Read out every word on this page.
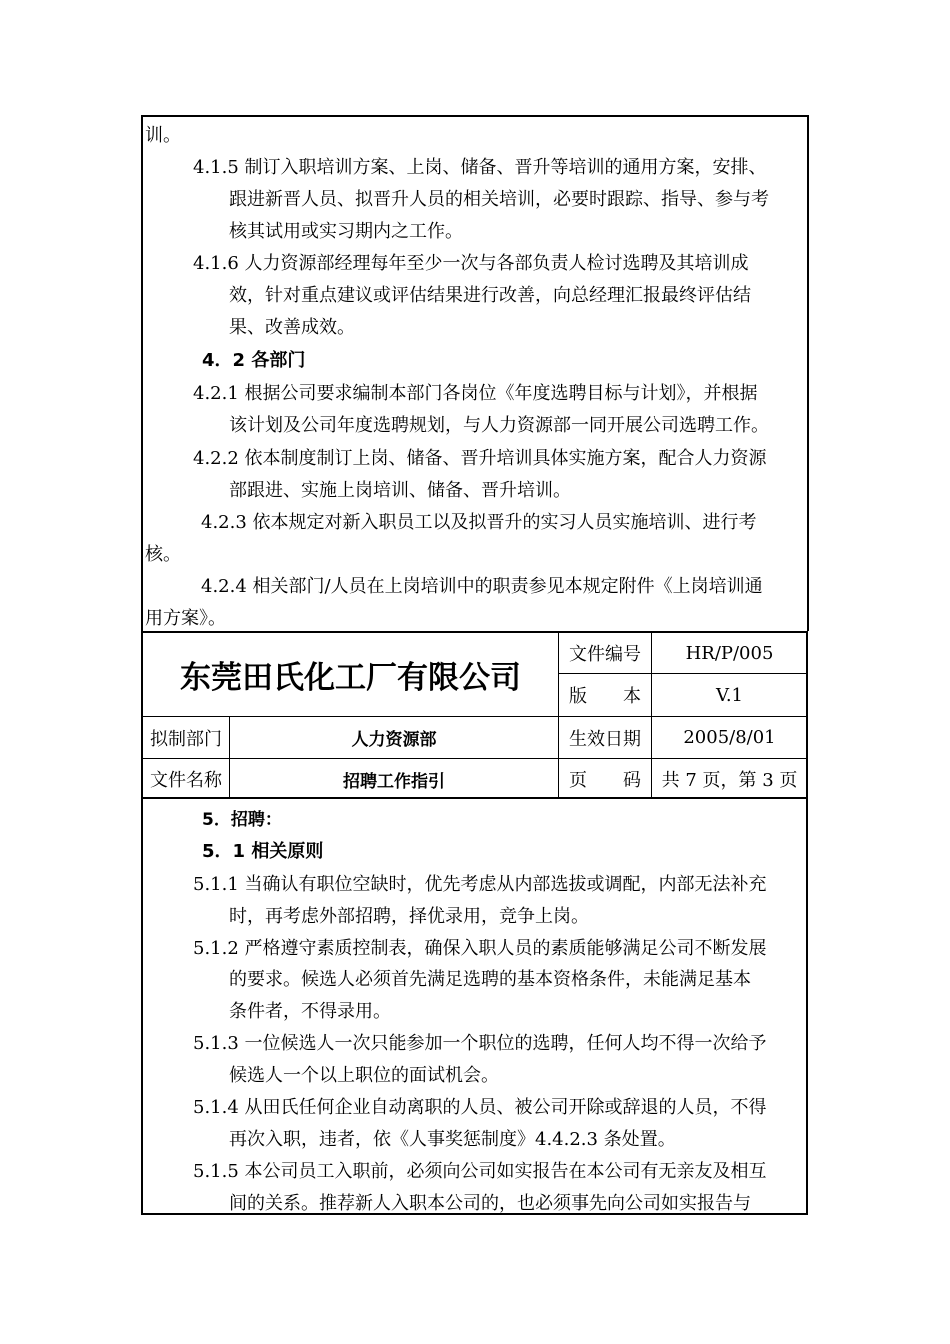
训。
4.1.5 制订入职培训方案、上岗、储备、晋升等培训的通用方案，安排、
跟进新晋人员、拟晋升人员的相关培训，必要时跟踪、指导、参与考
核其试用或实习期内之工作。
4.1.6 人力资源部经理每年至少一次与各部负责人检讨选聘及其培训成
效，针对重点建议或评估结果进行改善，向总经理汇报最终评估结
果、改善成效。
4．2 各部门
4.2.1 根据公司要求编制本部门各岗位《年度选聘目标与计划》，并根据
该计划及公司年度选聘规划，与人力资源部一同开展公司选聘工作。
4.2.2 依本制度制订上岗、储备、晋升培训具体实施方案，配合人力资源
部跟进、实施上岗培训、储备、晋升培训。
4.2.3 依本规定对新入职员工以及拟晋升的实习人员实施培训、进行考
核。
4.2.4 相关部门/人员在上岗培训中的职责参见本规定附件《上岗培训通
用方案》。
东莞田氏化工厂有限公司
文件编号	HR/P/005
版　　本	V.1
拟制部门	人力资源部	生效日期	2005/8/01
文件名称	招聘工作指引	页　　码	共 7 页，第 3 页
5．招聘：
5．1 相关原则
5.1.1 当确认有职位空缺时，优先考虑从内部选拔或调配，内部无法补充
时，再考虑外部招聘，择优录用，竞争上岗。
5.1.2 严格遵守素质控制表，确保入职人员的素质能够满足公司不断发展
的要求。候选人必须首先满足选聘的基本资格条件，未能满足基本
条件者，不得录用。
5.1.3 一位候选人一次只能参加一个职位的选聘，任何人均不得一次给予
候选人一个以上职位的面试机会。
5.1.4 从田氏任何企业自动离职的人员、被公司开除或辞退的人员，不得
再次入职，违者，依《人事奖惩制度》4.4.2.3 条处置。
5.1.5 本公司员工入职前，必须向公司如实报告在本公司有无亲友及相互
间的关系。推荐新人入职本公司的，也必须事先向公司如实报告与
